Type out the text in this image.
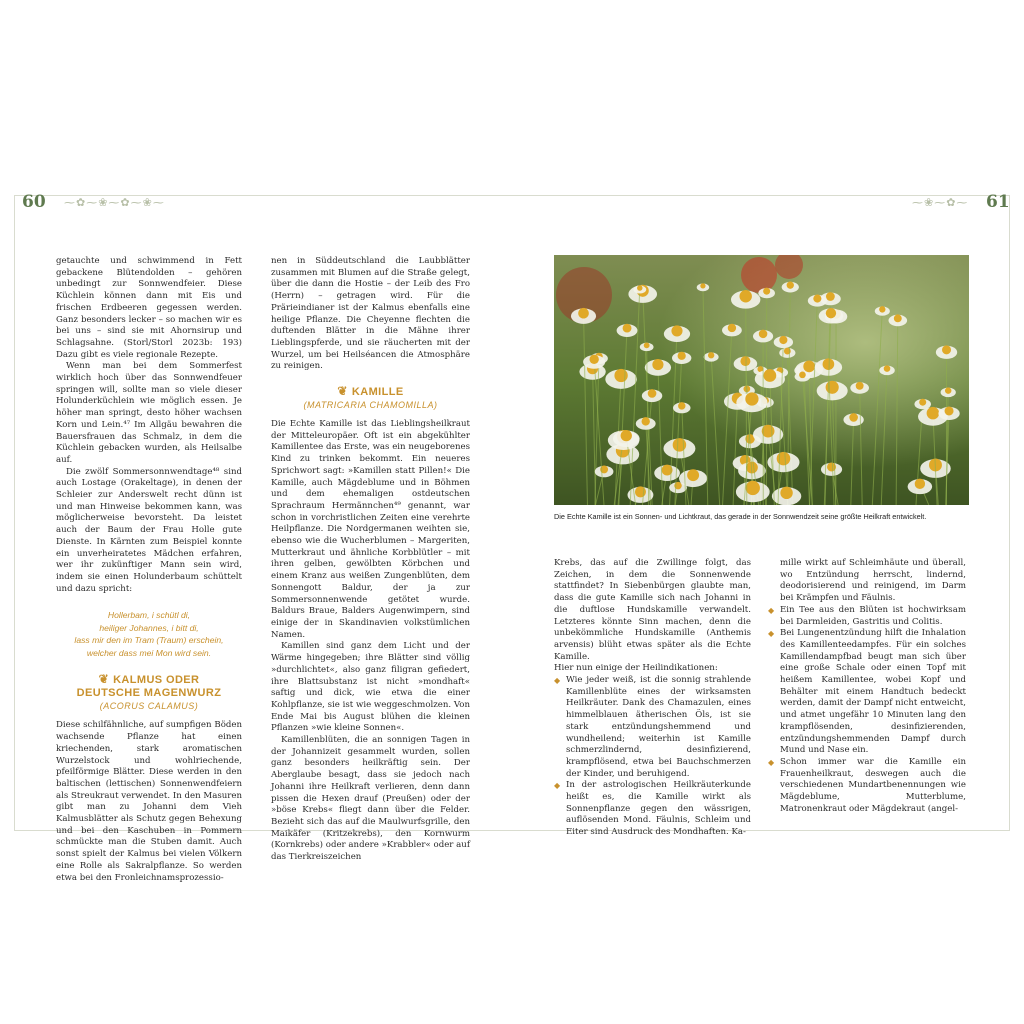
60	61
⁓✿⁓❀⁓✿⁓❀⁓	⁓❀⁓✿⁓

getauchte und schwimmend in Fett gebackene Blütendolden – gehören unbedingt zur Sonnwendfeier. Diese Küchlein können dann mit Eis und frischen Erdbeeren gegessen werden. Ganz besonders lecker – so machen wir es bei uns – sind sie mit Ahornsirup und Schlagsahne. (Storl/Storl 2023b: 193) Dazu gibt es viele regionale Rezepte.

Wenn man bei dem Sommerfest wirklich hoch über das Sonnwendfeuer springen will, sollte man so viele dieser Holunderküchlein wie möglich essen. Je höher man springt, desto höher wachsen Korn und Lein.⁴⁷ Im Allgäu bewahren die Bauersfrauen das Schmalz, in dem die Küchlein gebacken wurden, als Heilsalbe auf.

Die zwölf Sommersonnwendtage⁴⁸ sind auch Lostage (Orakeltage), in denen der Schleier zur Anderswelt recht dünn ist und man Hinweise bekommen kann, was möglicherweise bevorsteht. Da leistet auch der Baum der Frau Holle gute Dienste. In Kärnten zum Beispiel konnte ein unverheiratetes Mädchen erfahren, wer ihr zukünftiger Mann sein wird, indem sie einen Holunderbaum schüttelt und dazu spricht:

Hollerbam, i schütl di,
heiliger Johannes, i bitt di,
lass mir den im Tram (Traum) erschein,
welcher dass mei Mon wird sein.
❦ KALMUS ODER
DEUTSCHE MAGENWURZ
(ACORUS CALAMUS)

Diese schilfähnliche, auf sumpfigen Böden wachsende Pflanze hat einen kriechenden, stark aromatischen Wurzelstock und wohlriechende, pfeilförmige Blätter. Diese werden in den baltischen (lettischen) Sonnenwendfeiern als Streukraut verwendet. In den Masuren gibt man zu Johanni dem Vieh Kalmusblätter als Schutz gegen Behexung und bei den Kaschuben in Pommern schmückte man die Stuben damit. Auch sonst spielt der Kalmus bei vielen Völkern eine Rolle als Sakralpflanze. So werden etwa bei den Fronleichnamsprozessio-

nen in Süddeutschland die Laubblätter zusammen mit Blumen auf die Straße gelegt, über die dann die Hostie – der Leib des Fro (Herrn) – getragen wird. Für die Prärieindianer ist der Kalmus ebenfalls eine heilige Pflanze. Die Cheyenne flechten die duftenden Blätter in die Mähne ihrer Lieblingspferde, und sie räucherten mit der Wurzel, um bei Heilséancen die Atmosphäre zu reinigen.

❦ KAMILLE
(MATRICARIA CHAMOMILLA)

Die Echte Kamille ist das Lieblingsheilkraut der Mitteleuropäer. Oft ist ein abgekühlter Kamillentee das Erste, was ein neugeborenes Kind zu trinken bekommt. Ein neueres Sprichwort sagt: »Kamillen statt Pillen!« Die Kamille, auch Mägdeblume und in Böhmen und dem ehemaligen ostdeutschen Sprachraum Hermännchen⁴⁹ genannt, war schon in vorchristlichen Zeiten eine verehrte Heilpflanze. Die Nordgermanen weihten sie, ebenso wie die Wucherblumen – Margeriten, Mutterkraut und ähnliche Korbblütler – mit ihren gelben, gewölbten Körbchen und einem Kranz aus weißen Zungenblüten, dem Sonnengott Baldur, der ja zur Sommersonnenwende getötet wurde. Baldurs Braue, Balders Augenwimpern, sind einige der in Skandinavien volkstümlichen Namen.

Kamillen sind ganz dem Licht und der Wärme hingegeben; ihre Blätter sind völlig »durchlichtet«, also ganz filigran gefiedert, ihre Blattsubstanz ist nicht »mondhaft« saftig und dick, wie etwa die einer Kohlpflanze, sie ist wie weggeschmolzen. Von Ende Mai bis August blühen die kleinen Pflanzen »wie kleine Sonnen«.

Kamillenblüten, die an sonnigen Tagen in der Johannizeit gesammelt wurden, sollen ganz besonders heilkräftig sein. Der Aberglaube besagt, dass sie jedoch nach Johanni ihre Heilkraft verlieren, denn dann pissen die Hexen drauf (Preußen) oder der »böse Krebs« fliegt dann über die Felder. Bezieht sich das auf die Maulwurfsgrille, den Maikäfer (Kritzekrebs), den Kornwurm (Kornkrebs) oder andere »Krabbler« oder auf das Tierkreiszeichen

Die Echte Kamille ist ein Sonnen- und Lichtkraut, das gerade in der Sonnwendzeit seine größte Heilkraft entwickelt.

Krebs, das auf die Zwillinge folgt, das Zeichen, in dem die Sonnenwende stattfindet? In Siebenbürgen glaubte man, dass die gute Kamille sich nach Johanni in die duftlose Hundskamille verwandelt. Letzteres könnte Sinn machen, denn die unbekömmliche Hundskamille (Anthemis arvensis) blüht etwas später als die Echte Kamille.

Hier nun einige der Heilindikationen:

◆ Wie jeder weiß, ist die sonnig strahlende Kamillenblüte eines der wirksamsten Heilkräuter. Dank des Chamazulen, eines himmelblauen ätherischen Öls, ist sie stark entzündungshemmend und wundheilend; weiterhin ist Kamille schmerzlindernd, desinfizierend, krampflösend, etwa bei Bauchschmerzen der Kinder, und beruhigend.
◆ In der astrologischen Heilkräuterkunde heißt es, die Kamille wirkt als Sonnenpflanze gegen den wässrigen, auflösenden Mond. Fäulnis, Schleim und Eiter sind Ausdruck des Mondhaften. Ka-

mille wirkt auf Schleimhäute und überall, wo Entzündung herrscht, lindernd, deodorisierend und reinigend, im Darm bei Krämpfen und Fäulnis.

◆ Ein Tee aus den Blüten ist hochwirksam bei Darmleiden, Gastritis und Colitis.
◆ Bei Lungenentzündung hilft die Inhalation des Kamillenteedampfes. Für ein solches Kamillendampfbad beugt man sich über eine große Schale oder einen Topf mit heißem Kamillentee, wobei Kopf und Behälter mit einem Handtuch bedeckt werden, damit der Dampf nicht entweicht, und atmet ungefähr 10 Minuten lang den krampflösenden, desinfizierenden, entzündungshemmenden Dampf durch Mund und Nase ein.
◆ Schon immer war die Kamille ein Frauenheilkraut, deswegen auch die verschiedenen Mundartbenennungen wie Mägdeblume, Mutterblume, Matronenkraut oder Mägdekraut (angel-
